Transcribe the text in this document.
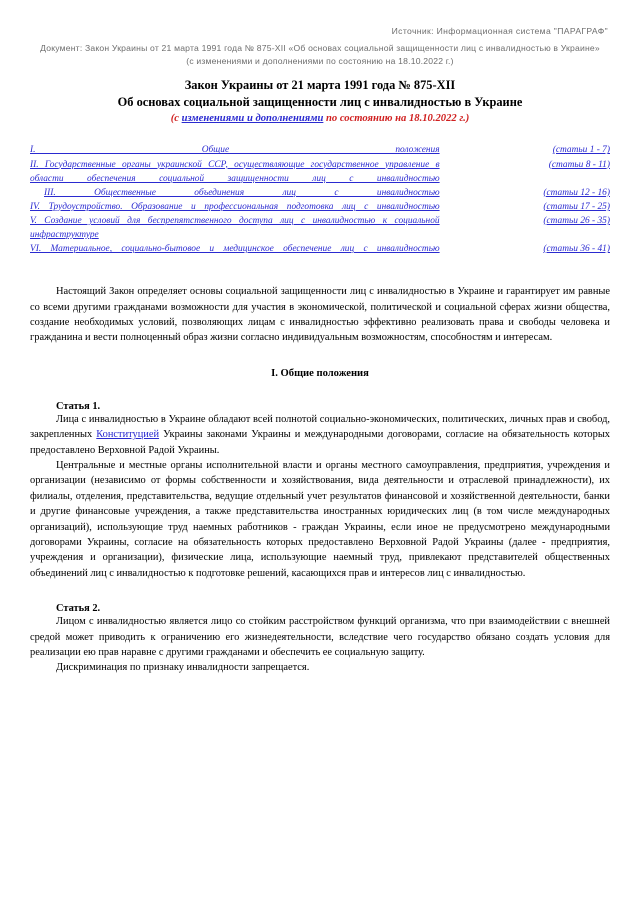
Источник: Информационная система "ПАРАГРАФ"
Документ: Закон Украины от 21 марта 1991 года № 875-XII «Об основах социальной защищенности лиц с инвалидностью в Украине» (с изменениями и дополнениями по состоянию на 18.10.2022 г.)
Закон Украины от 21 марта 1991 года № 875-XII
Об основах социальной защищенности лиц с инвалидностью в Украине
(с изменениями и дополнениями по состоянию на 18.10.2022 г.)
I. Общие положения	(статьи 1 - 7)
II. Государственные органы украинской ССР, осуществляющие государственное управление в области обеспечения социальной защищенности лиц с инвалидностью	(статьи 8 - 11)
III. Общественные объединения лиц с инвалидностью	(статьи 12 - 16)
IV. Трудоустройство. Образование и профессиональная подготовка лиц с инвалидностью	(статьи 17 - 25)
V. Создание условий для беспрепятственного доступа лиц с инвалидностью к социальной инфраструктуре	(статьи 26 - 35)
VI. Материальное, социально-бытовое и медицинское обеспечение лиц с инвалидностью	(статьи 36 - 41)

Настоящий Закон определяет основы социальной защищенности лиц с инвалидностью в Украине и гарантирует им равные со всеми другими гражданами возможности для участия в экономической, политической и социальной сферах жизни общества, создание необходимых условий, позволяющих лицам с инвалидностью эффективно реализовать права и свободы человека и гражданина и вести полноценный образ жизни согласно индивидуальным возможностям, способностям и интересам.

I. Общие положения
Статья 1.

Лица с инвалидностью в Украине обладают всей полнотой социально-экономических, политических, личных прав и свобод, закрепленных Конституцией Украины законами Украины и международными договорами, согласие на обязательность которых предоставлено Верховной Радой Украины.

Центральные и местные органы исполнительной власти и органы местного самоуправления, предприятия, учреждения и организации (независимо от формы собственности и хозяйствования, вида деятельности и отраслевой принадлежности), их филиалы, отделения, представительства, ведущие отдельный учет результатов финансовой и хозяйственной деятельности, банки и другие финансовые учреждения, а также представительства иностранных юридических лиц (в том числе международных организаций), использующие труд наемных работников - граждан Украины, если иное не предусмотрено международными договорами Украины, согласие на обязательность которых предоставлено Верховной Радой Украины (далее - предприятия, учреждения и организации), физические лица, использующие наемный труд, привлекают представителей общественных объединений лиц с инвалидностью к подготовке решений, касающихся прав и интересов лиц с инвалидностью.

Статья 2.

Лицом с инвалидностью является лицо со стойким расстройством функций организма, что при взаимодействии с внешней средой может приводить к ограничению его жизнедеятельности, вследствие чего государство обязано создать условия для реализации ею прав наравне с другими гражданами и обеспечить ее социальную защиту.

Дискриминация по признаку инвалидности запрещается.
